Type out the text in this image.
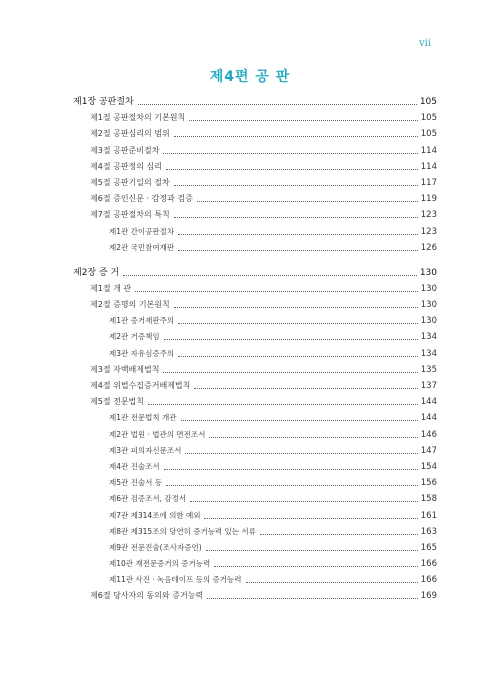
vii
제4편 공 판
제1장 공판절차	105
제1절 공판절차의 기본원칙	105
제2절 공판심리의 범위	105
제3절 공판준비절차	114
제4절 공판정의 심리	114
제5절 공판기일의 절차	117
제6절 증인신문 · 감정과 검증	119
제7절 공판절차의 특칙	123
제1관 간이공판절차	123
제2관 국민참여재판	126
제2장 증 거	130
제1절 개 관	130
제2절 증명의 기본원칙	130
제1관 증거재판주의	130
제2관 거증책임	134
제3관 자유심증주의	134
제3절 자백배제법칙	135
제4절 위법수집증거배제법칙	137
제5절 전문법칙	144
제1관 전문법칙 개관	144
제2관 법원 · 법관의 면전조서	146
제3관 피의자신문조서	147
제4관 진술조서	154
제5관 진술서 등	156
제6관 검증조서, 감정서	158
제7관 제314조에 의한 예외	161
제8관 제315조의 당연히 증거능력 있는 서류	163
제9관 전문진술(조사자증언)	165
제10관 재전문증거의 증거능력	166
제11관 사진 · 녹음테이프 등의 증거능력	166
제6절 당사자의 동의와 증거능력	169
